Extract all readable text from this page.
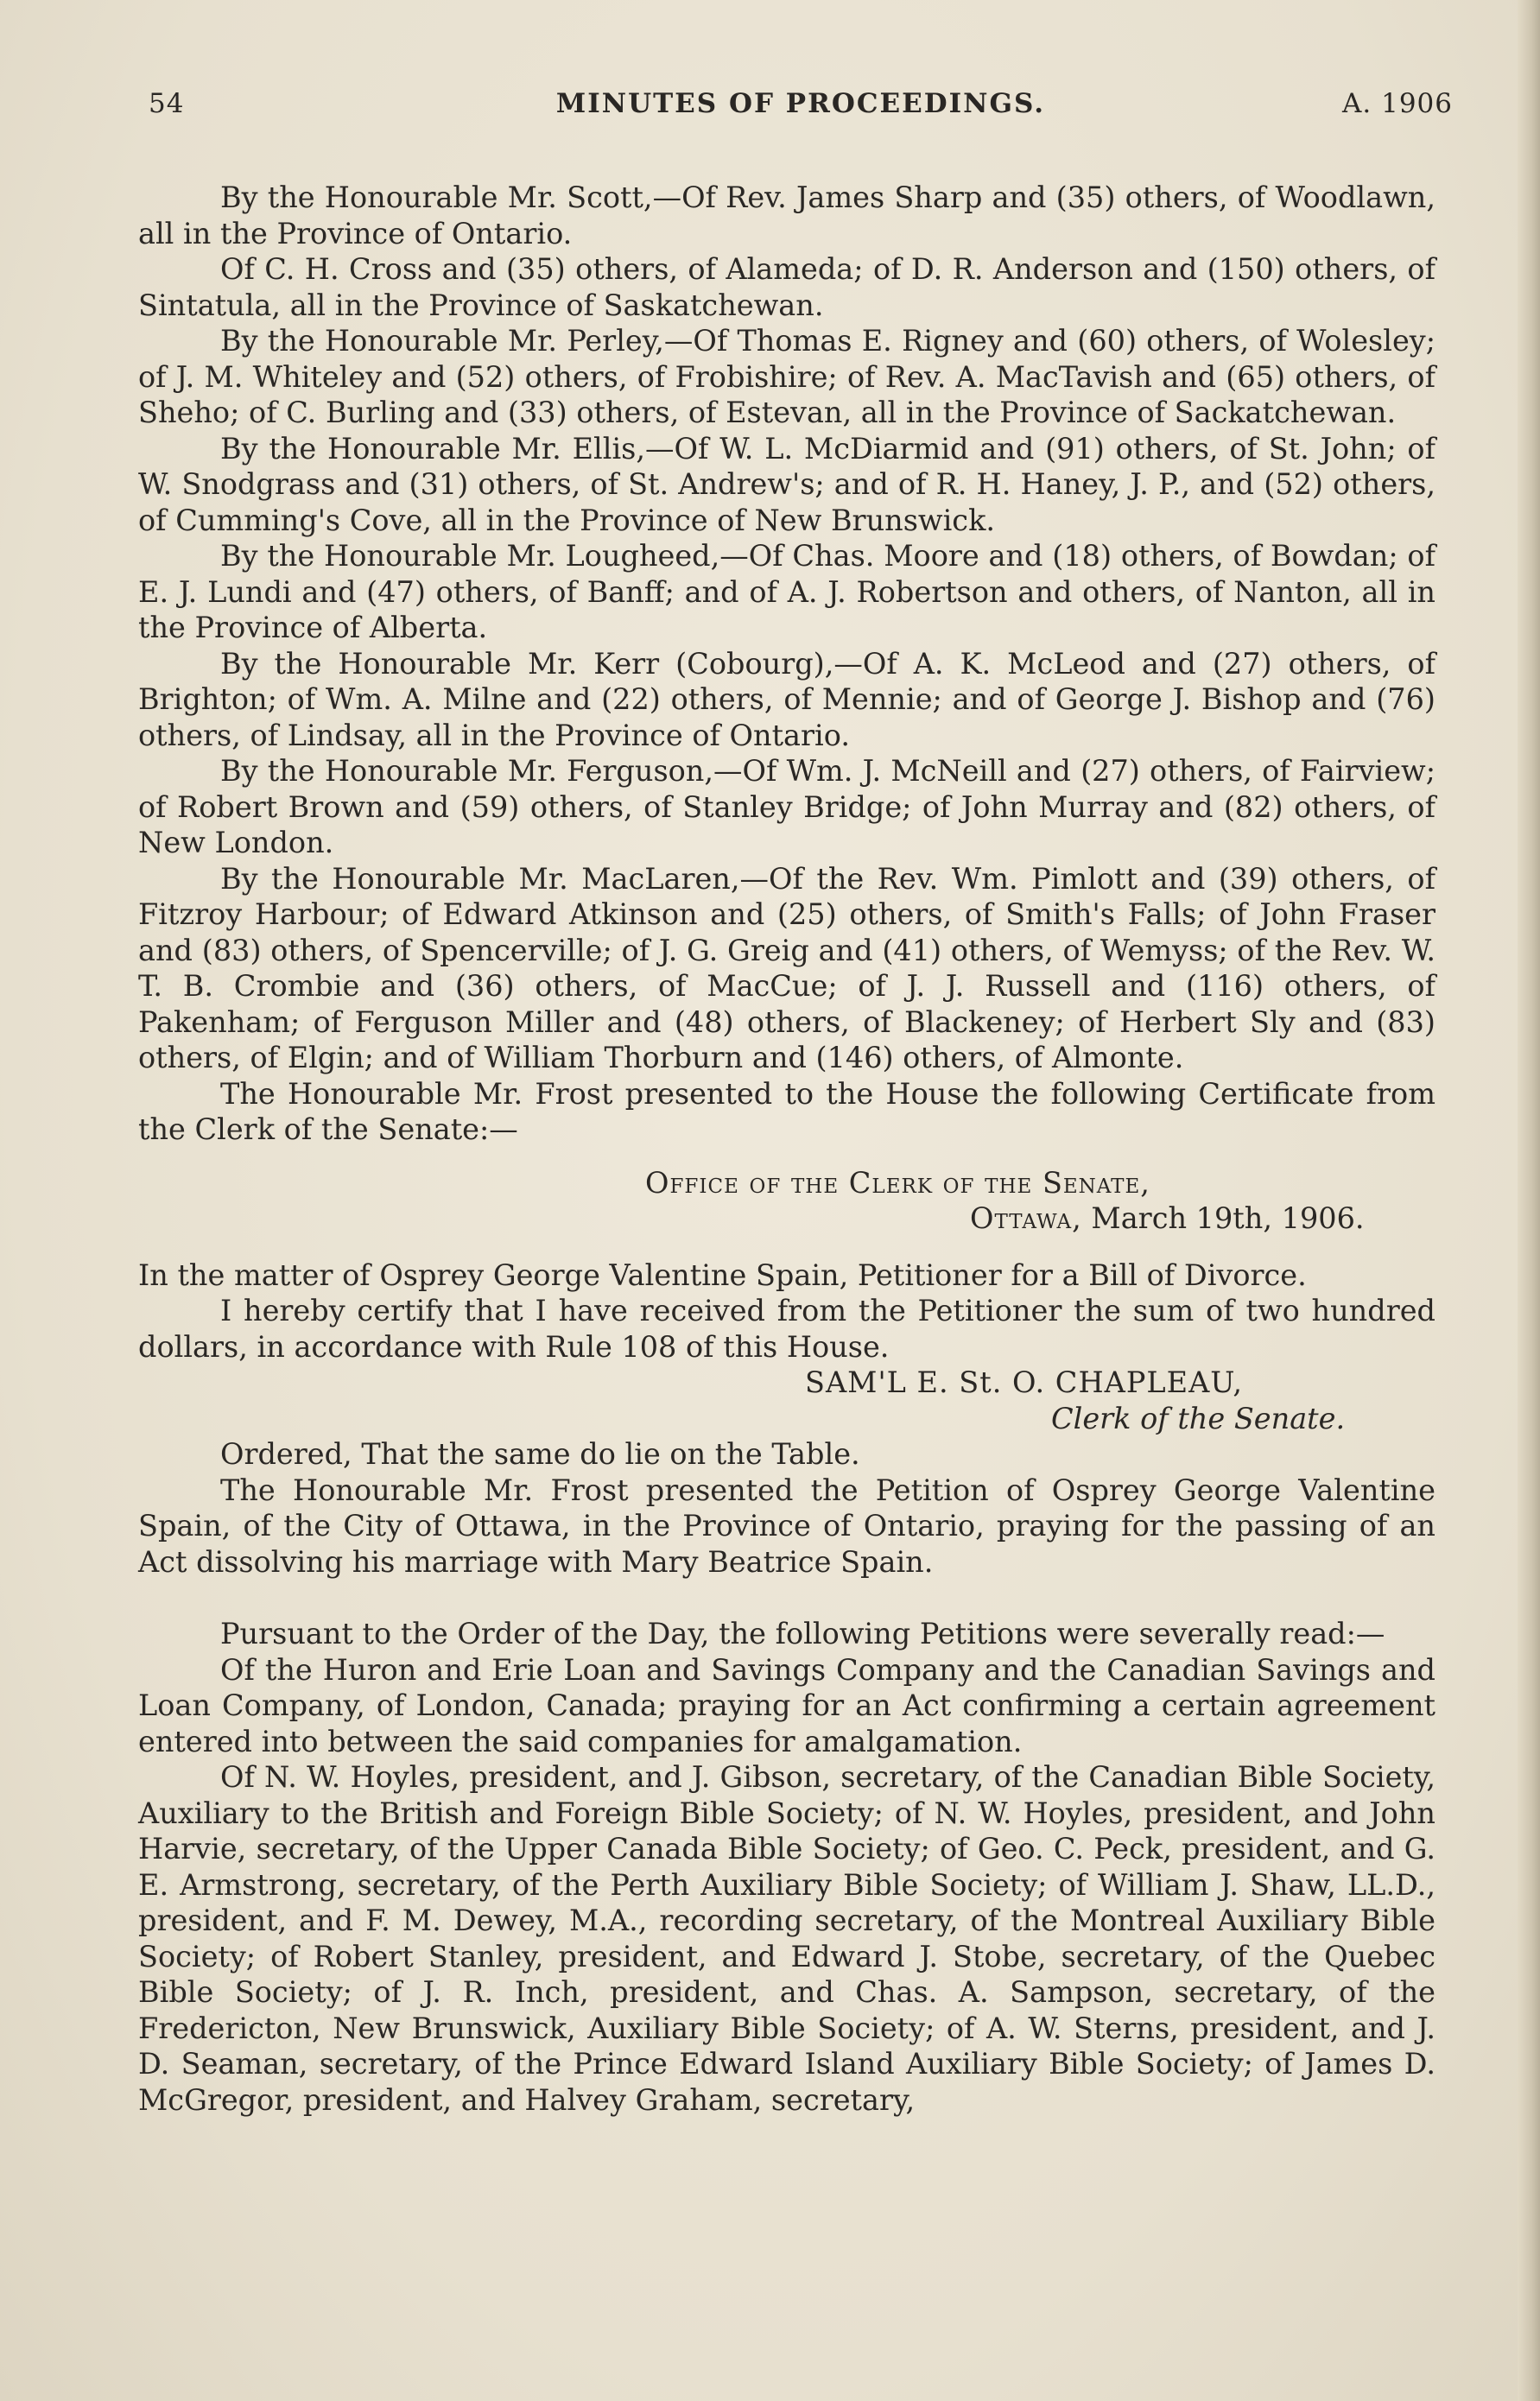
54	MINUTES OF PROCEEDINGS.	A. 1906

By the Honourable Mr. Scott,—Of Rev. James Sharp and (35) others, of Woodlawn, all in the Province of Ontario.

Of C. H. Cross and (35) others, of Alameda; of D. R. Anderson and (150) others, of Sintatula, all in the Province of Saskatchewan.

By the Honourable Mr. Perley,—Of Thomas E. Rigney and (60) others, of Wolesley; of J. M. Whiteley and (52) others, of Frobishire; of Rev. A. MacTavish and (65) others, of Sheho; of C. Burling and (33) others, of Estevan, all in the Province of Sackatchewan.

By the Honourable Mr. Ellis,—Of W. L. McDiarmid and (91) others, of St. John; of W. Snodgrass and (31) others, of St. Andrew's; and of R. H. Haney, J. P., and (52) others, of Cumming's Cove, all in the Province of New Brunswick.

By the Honourable Mr. Lougheed,—Of Chas. Moore and (18) others, of Bowdan; of E. J. Lundi and (47) others, of Banff; and of A. J. Robertson and others, of Nanton, all in the Province of Alberta.

By the Honourable Mr. Kerr (Cobourg),—Of A. K. McLeod and (27) others, of Brighton; of Wm. A. Milne and (22) others, of Mennie; and of George J. Bishop and (76) others, of Lindsay, all in the Province of Ontario.

By the Honourable Mr. Ferguson,—Of Wm. J. McNeill and (27) others, of Fairview; of Robert Brown and (59) others, of Stanley Bridge; of John Murray and (82) others, of New London.

By the Honourable Mr. MacLaren,—Of the Rev. Wm. Pimlott and (39) others, of Fitzroy Harbour; of Edward Atkinson and (25) others, of Smith's Falls; of John Fraser and (83) others, of Spencerville; of J. G. Greig and (41) others, of Wemyss; of the Rev. W. T. B. Crombie and (36) others, of MacCue; of J. J. Russell and (116) others, of Pakenham; of Ferguson Miller and (48) others, of Blackeney; of Herbert Sly and (83) others, of Elgin; and of William Thorburn and (146) others, of Almonte.

The Honourable Mr. Frost presented to the House the following Certificate from the Clerk of the Senate:—

Office of the Clerk of the Senate,
Ottawa, March 19th, 1906.

In the matter of Osprey George Valentine Spain, Petitioner for a Bill of Divorce.

I hereby certify that I have received from the Petitioner the sum of two hundred dollars, in accordance with Rule 108 of this House.

SAM'L E. St. O. CHAPLEAU,
Clerk of the Senate.

Ordered, That the same do lie on the Table.

The Honourable Mr. Frost presented the Petition of Osprey George Valentine Spain, of the City of Ottawa, in the Province of Ontario, praying for the passing of an Act dissolving his marriage with Mary Beatrice Spain.

Pursuant to the Order of the Day, the following Petitions were severally read:—

Of the Huron and Erie Loan and Savings Company and the Canadian Savings and Loan Company, of London, Canada; praying for an Act confirming a certain agreement entered into between the said companies for amalgamation.

Of N. W. Hoyles, president, and J. Gibson, secretary, of the Canadian Bible Society, Auxiliary to the British and Foreign Bible Society; of N. W. Hoyles, president, and John Harvie, secretary, of the Upper Canada Bible Society; of Geo. C. Peck, president, and G. E. Armstrong, secretary, of the Perth Auxiliary Bible Society; of William J. Shaw, LL.D., president, and F. M. Dewey, M.A., recording secretary, of the Montreal Auxiliary Bible Society; of Robert Stanley, president, and Edward J. Stobe, secretary, of the Quebec Bible Society; of J. R. Inch, president, and Chas. A. Sampson, secretary, of the Fredericton, New Brunswick, Auxiliary Bible Society; of A. W. Sterns, president, and J. D. Seaman, secretary, of the Prince Edward Island Auxiliary Bible Society; of James D. McGregor, president, and Halvey Graham, secretary,
